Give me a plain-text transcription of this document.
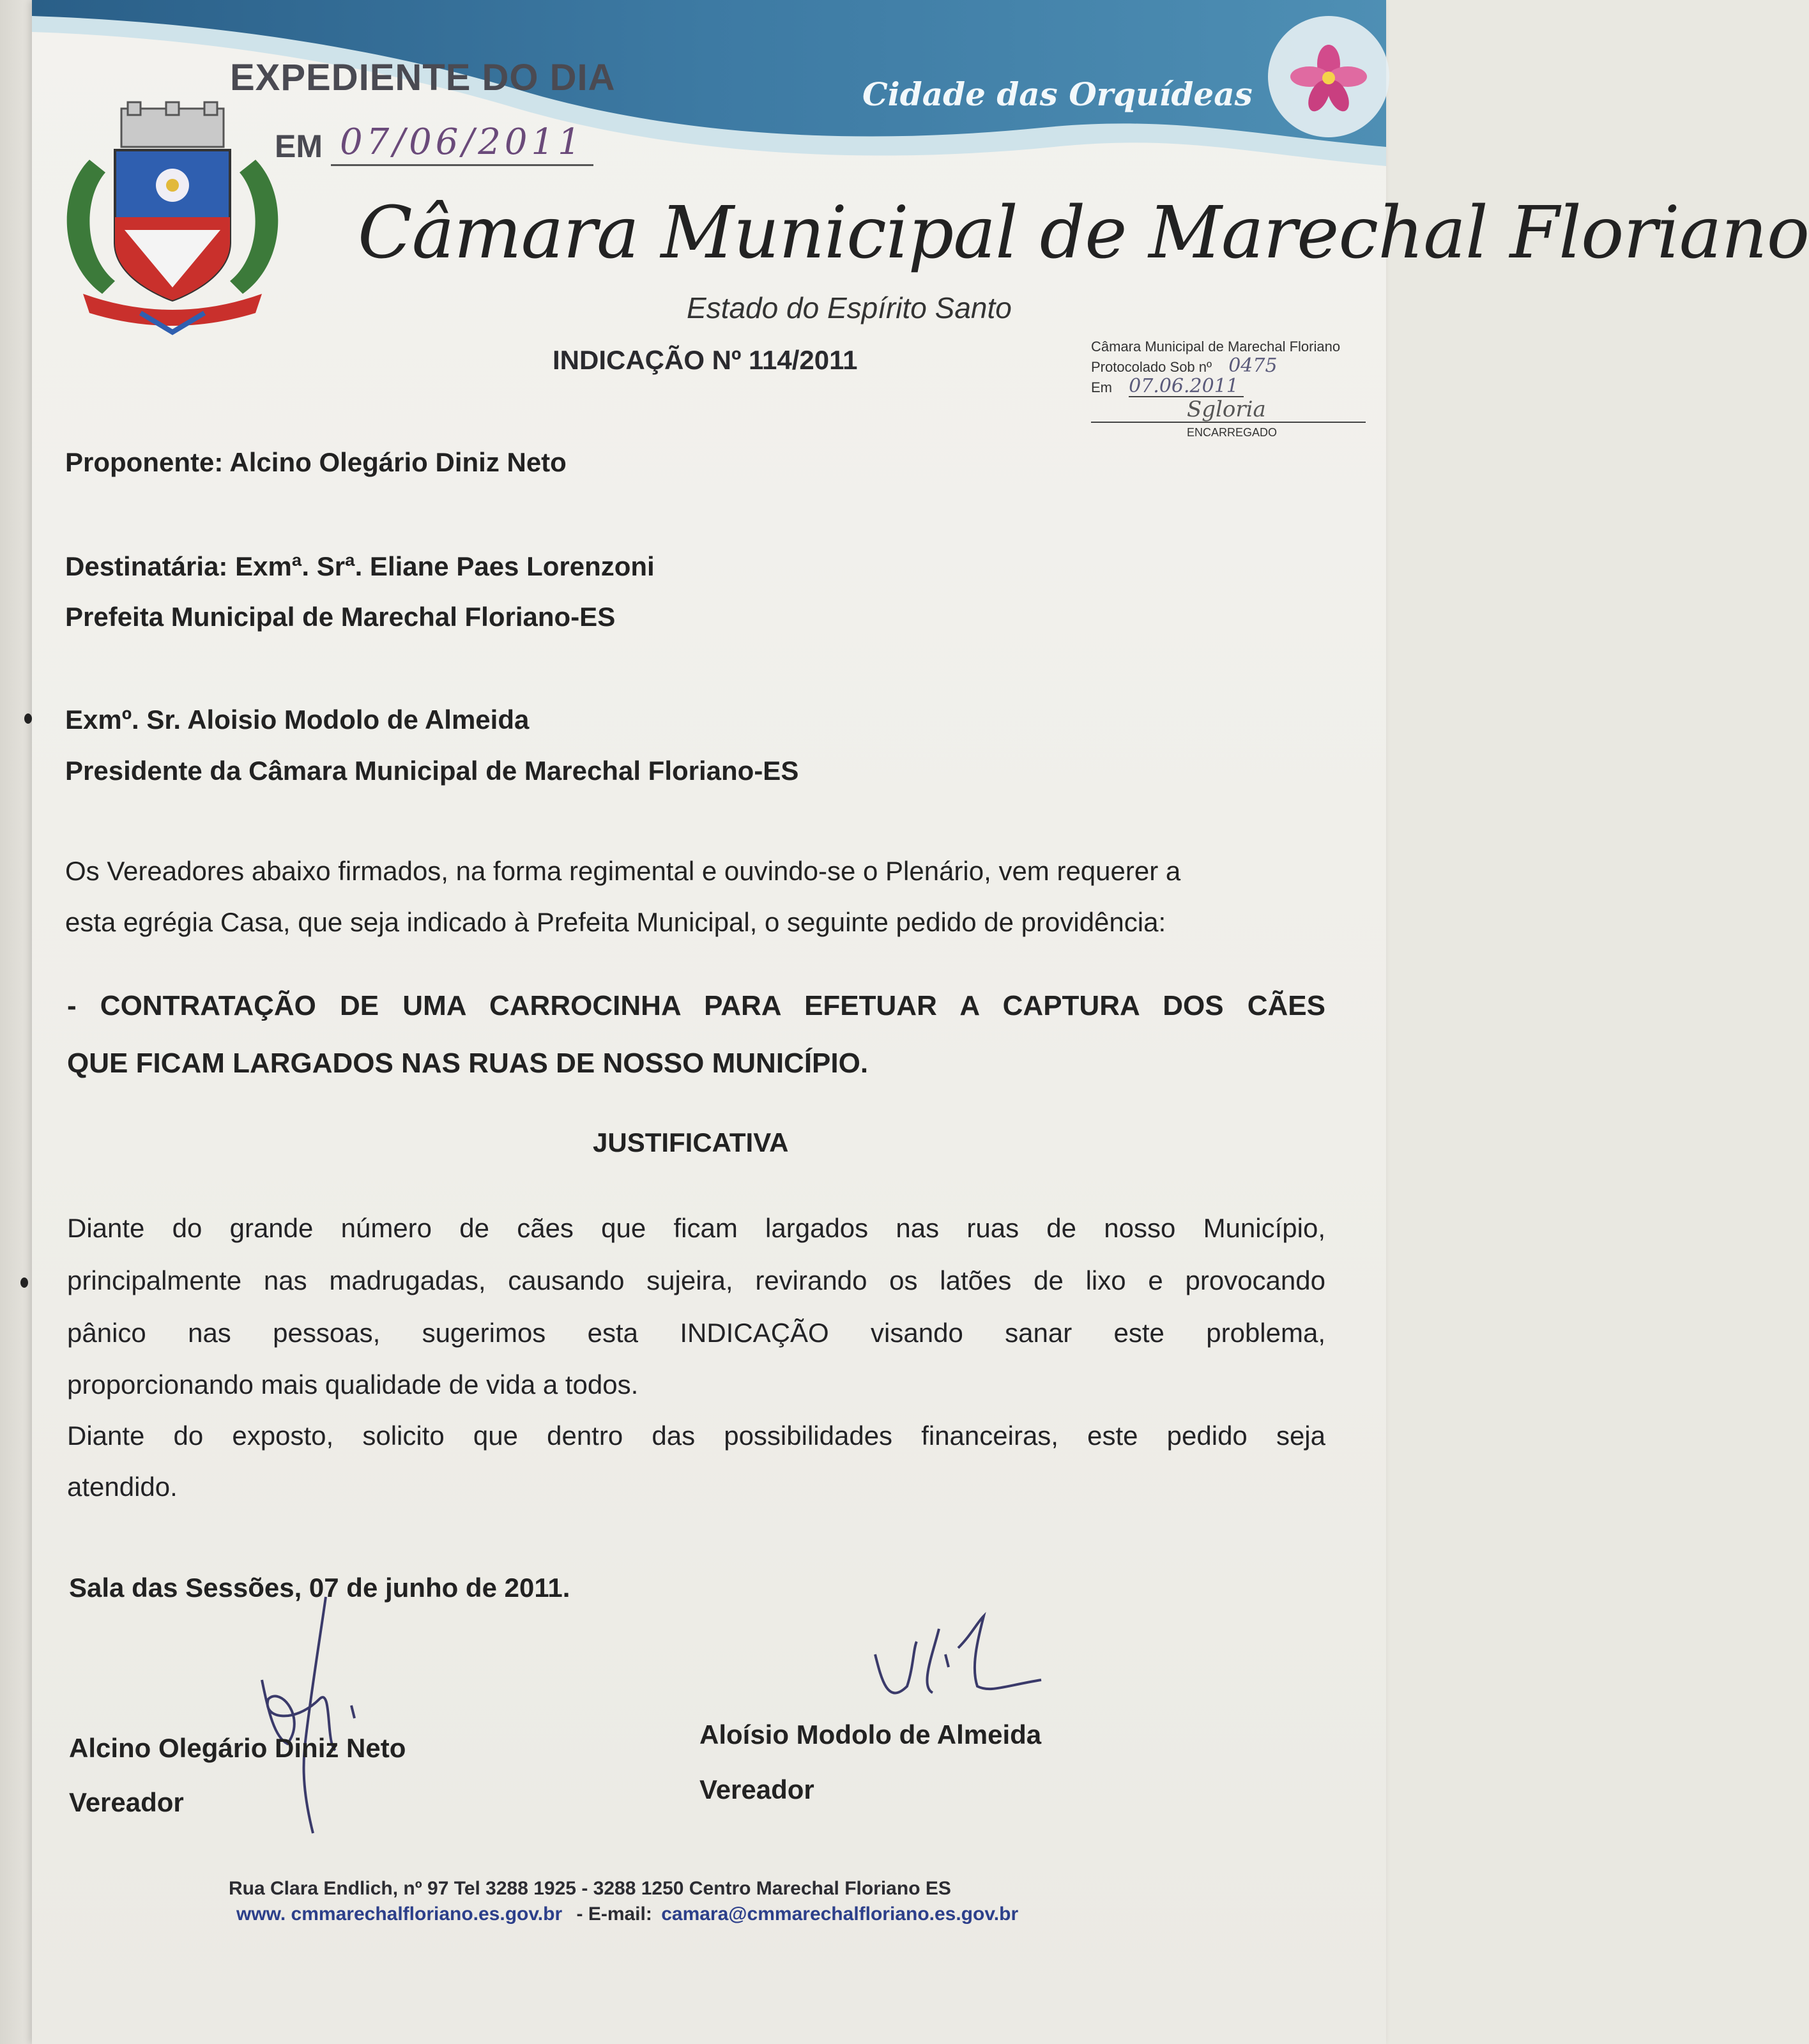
EXPEDIENTE DO DIA
EM 07/06/2011
Cidade das Orquídeas
Câmara Municipal de Marechal Floriano
Estado do Espírito Santo
INDICAÇÃO Nº 114/2011	Câmara Municipal de Marechal Floriano
Protocolado Sob nº 0475
Em 07.06.2011
Sgloria
ENCARREGADO
Proponente: Alcino Olegário Diniz Neto
Destinatária: Exmª. Srª. Eliane Paes Lorenzoni
Prefeita Municipal de Marechal Floriano-ES
Exmº. Sr. Aloisio Modolo de Almeida
Presidente da Câmara Municipal de Marechal Floriano-ES
Os Vereadores abaixo firmados, na forma regimental e ouvindo-se o Plenário, vem requerer a
esta egrégia Casa, que seja indicado à Prefeita Municipal, o seguinte pedido de providência:
- CONTRATAÇÃO DE UMA CARROCINHA PARA EFETUAR A CAPTURA DOS CÃES
QUE FICAM LARGADOS NAS RUAS DE NOSSO MUNICÍPIO.
JUSTIFICATIVA
Diante do grande número de cães que ficam largados nas ruas de nosso Município,
principalmente nas madrugadas, causando sujeira, revirando os latões de lixo e provocando
pânico nas pessoas, sugerimos esta INDICAÇÃO visando sanar este problema,
proporcionando mais qualidade de vida a todos.
Diante do exposto, solicito que dentro das possibilidades financeiras, este pedido seja
atendido.
Sala das Sessões, 07 de junho de 2011.
Alcino Olegário Diniz Neto
Vereador
Aloísio Modolo de Almeida
Vereador
Rua Clara Endlich, nº 97 Tel 3288 1925 - 3288 1250 Centro Marechal Floriano ES
www. cmmarechalfloriano.es.gov.br - E-mail: camara@cmmarechalfloriano.es.gov.br
